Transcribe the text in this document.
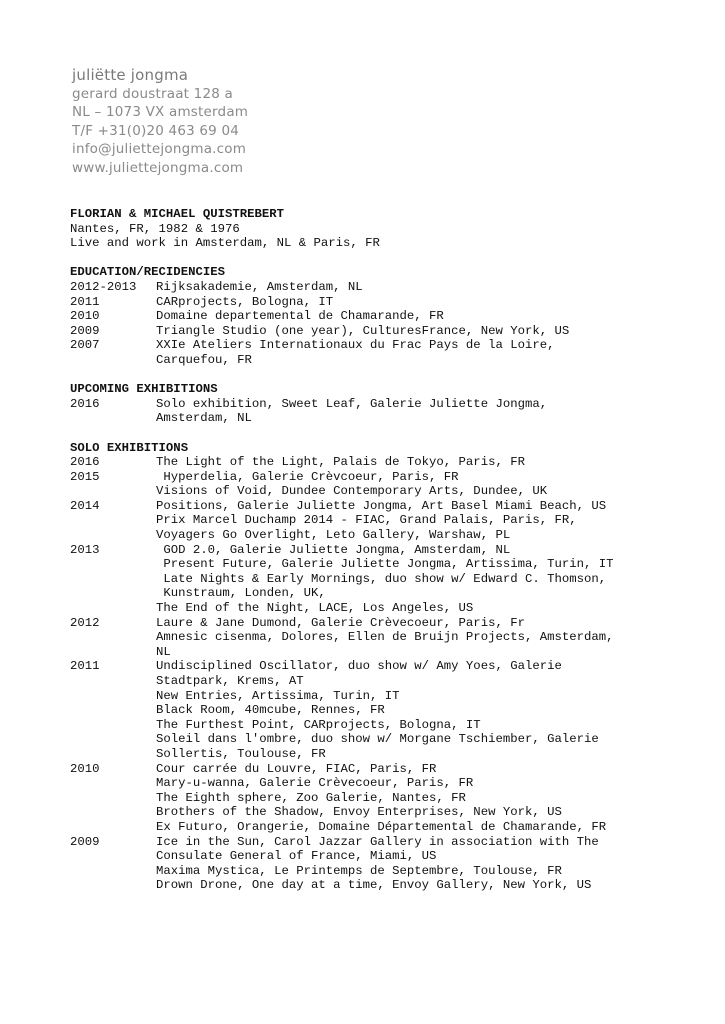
juliëtte jongma
gerard doustraat 128 a
NL – 1073 VX amsterdam
T/F +31(0)20 463 69 04
info@juliettejongma.com
www.juliettejongma.com
FLORIAN & MICHAEL QUISTREBERT
Nantes, FR, 1982 & 1976
Live and work in Amsterdam, NL & Paris, FR
EDUCATION/RECIDENCIES
2012-2013 Rijksakademie, Amsterdam, NL
2011	CARprojects, Bologna, IT
2010	Domaine departemental de Chamarande, FR
2009	Triangle Studio (one year), CulturesFrance, New York, US
2007	XXIe Ateliers Internationaux du Frac Pays de la Loire,
Carquefou, FR
UPCOMING EXHIBITIONS
2016	Solo exhibition, Sweet Leaf, Galerie Juliette Jongma,
Amsterdam, NL
SOLO EXHIBITIONS
2016	The Light of the Light, Palais de Tokyo, Paris, FR
2015	Hyperdelia, Galerie Crèvcoeur, Paris, FR
Visions of Void, Dundee Contemporary Arts, Dundee, UK
2014	Positions, Galerie Juliette Jongma, Art Basel Miami Beach, US
Prix Marcel Duchamp 2014 - FIAC, Grand Palais, Paris, FR,
Voyagers Go Overlight, Leto Gallery, Warshaw, PL
2013	GOD 2.0, Galerie Juliette Jongma, Amsterdam, NL
Present Future, Galerie Juliette Jongma, Artissima, Turin, IT
Late Nights & Early Mornings, duo show w/ Edward C. Thomson,
Kunstraum, Londen, UK,
The End of the Night, LACE, Los Angeles, US
2012	Laure & Jane Dumond, Galerie Crèvecoeur, Paris, Fr
Amnesic cisenma, Dolores, Ellen de Bruijn Projects, Amsterdam,
NL
2011	Undisciplined Oscillator, duo show w/ Amy Yoes, Galerie
Stadtpark, Krems, AT
New Entries, Artissima, Turin, IT
Black Room, 40mcube, Rennes, FR
The Furthest Point, CARprojects, Bologna, IT
Soleil dans l'ombre, duo show w/ Morgane Tschiember, Galerie
Sollertis, Toulouse, FR
2010	Cour carrée du Louvre, FIAC, Paris, FR
Mary-u-wanna, Galerie Crèvecoeur, Paris, FR
The Eighth sphere, Zoo Galerie, Nantes, FR
Brothers of the Shadow, Envoy Enterprises, New York, US
Ex Futuro, Orangerie, Domaine Départemental de Chamarande, FR
2009	Ice in the Sun, Carol Jazzar Gallery in association with The
Consulate General of France, Miami, US
Maxima Mystica, Le Printemps de Septembre, Toulouse, FR
Drown Drone, One day at a time, Envoy Gallery, New York, US
